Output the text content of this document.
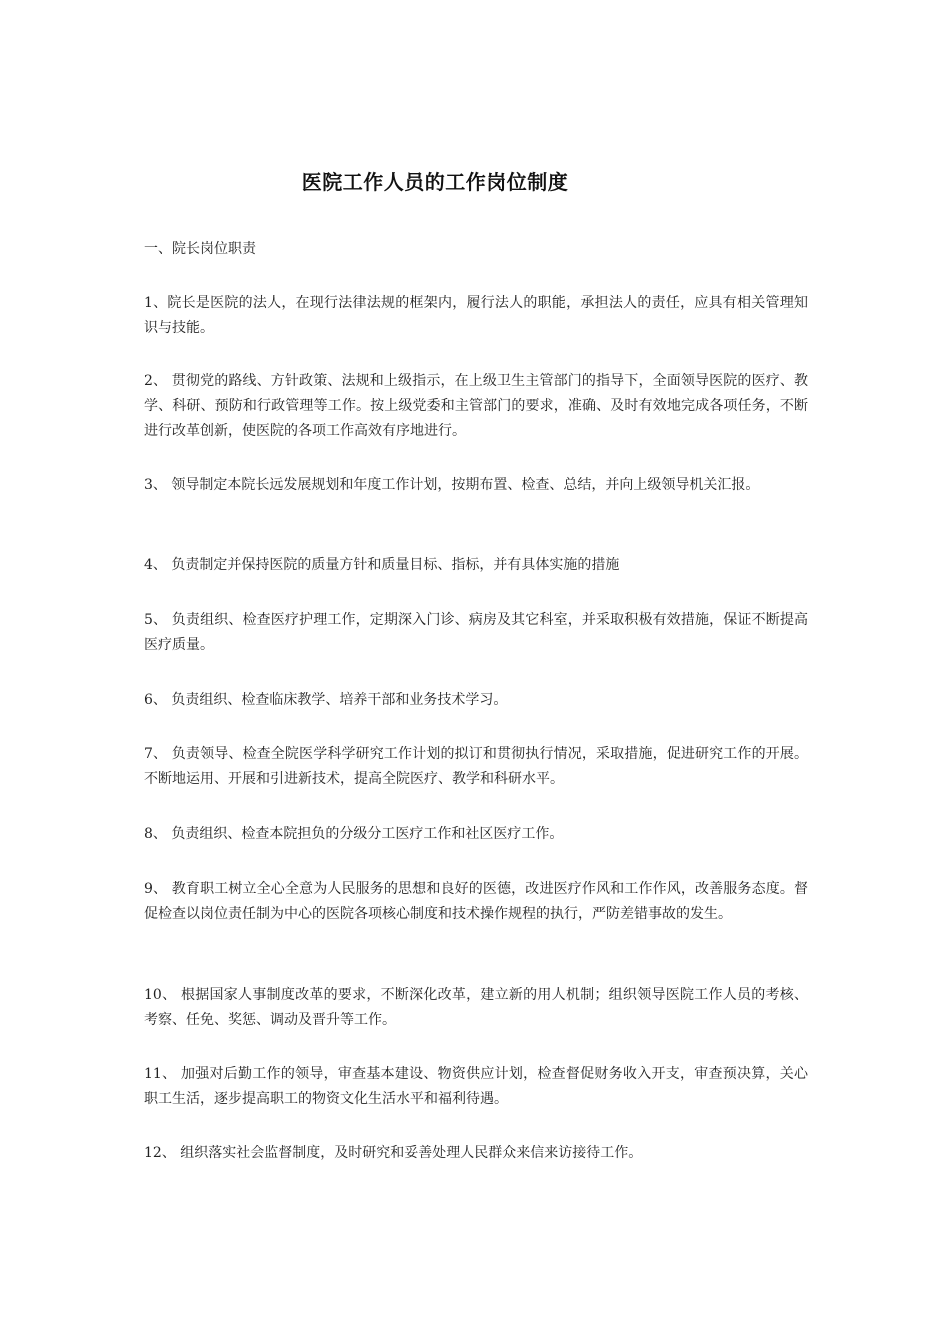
医院工作人员的工作岗位制度
一、院长岗位职责
1、院长是医院的法人，在现行法律法规的框架内，履行法人的职能，承担法人的责任，应具有相关管理知识与技能。
2、 贯彻党的路线、方针政策、法规和上级指示，在上级卫生主管部门的指导下，全面领导医院的医疗、教学、科研、预防和行政管理等工作。按上级党委和主管部门的要求，准确、及时有效地完成各项任务，不断进行改革创新，使医院的各项工作高效有序地进行。
3、 领导制定本院长远发展规划和年度工作计划，按期布置、检查、总结，并向上级领导机关汇报。
4、 负责制定并保持医院的质量方针和质量目标、指标，并有具体实施的措施
5、 负责组织、检查医疗护理工作，定期深入门诊、病房及其它科室，并采取积极有效措施，保证不断提高医疗质量。
6、 负责组织、检查临床教学、培养干部和业务技术学习。
7、 负责领导、检查全院医学科学研究工作计划的拟订和贯彻执行情况，采取措施，促进研究工作的开展。不断地运用、开展和引进新技术，提高全院医疗、教学和科研水平。
8、 负责组织、检查本院担负的分级分工医疗工作和社区医疗工作。
9、 教育职工树立全心全意为人民服务的思想和良好的医德，改进医疗作风和工作作风，改善服务态度。督促检查以岗位责任制为中心的医院各项核心制度和技术操作规程的执行，严防差错事故的发生。
10、 根据国家人事制度改革的要求，不断深化改革，建立新的用人机制；组织领导医院工作人员的考核、考察、任免、奖惩、调动及晋升等工作。
11、 加强对后勤工作的领导，审查基本建设、物资供应计划，检查督促财务收入开支，审查预决算，关心职工生活，逐步提高职工的物资文化生活水平和福利待遇。
12、 组织落实社会监督制度，及时研究和妥善处理人民群众来信来访接待工作。
